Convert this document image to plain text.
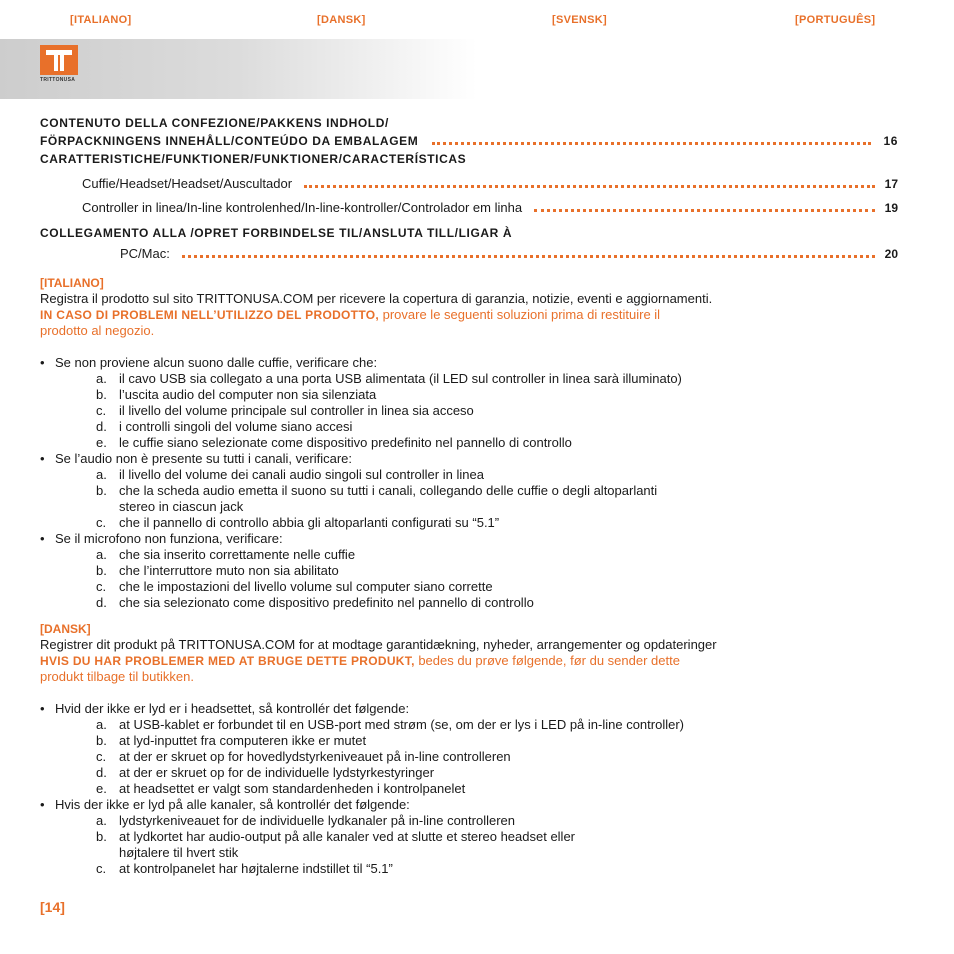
[ITALIANO]	[DANSK]	[SVENSK]	[PORTUGUÊS]
TRITTONUSA
CONTENUTO DELLA CONFEZIONE/PAKKENS INDHOLD/
FÖRPACKNINGENS INNEHÅLL/CONTEÚDO DA EMBALAGEM	16
CARATTERISTICHE/FUNKTIONER/FUNKTIONER/CARACTERÍSTICAS
Cuffie/Headset/Headset/Auscultador	17
Controller in linea/In-line kontrolenhed/In-line-kontroller/Controlador em linha	19
COLLEGAMENTO ALLA /OPRET FORBINDELSE TIL/ANSLUTA TILL/LIGAR À
PC/Mac:	20
[ITALIANO]
Registra il prodotto sul sito TRITTONUSA.COM per ricevere la copertura di garanzia, notizie, eventi e aggiornamenti.
IN CASO DI PROBLEMI NELL’UTILIZZO DEL PRODOTTO, provare le seguenti soluzioni prima di restituire il
prodotto al negozio.
• Se non proviene alcun suono dalle cuffie, verificare che:
a. il cavo USB sia collegato a una porta USB alimentata (il LED sul controller in linea sarà illuminato)
b. l’uscita audio del computer non sia silenziata
c. il livello del volume principale sul controller in linea sia acceso
d. i controlli singoli del volume siano accesi
e. le cuffie siano selezionate come dispositivo predefinito nel pannello di controllo
• Se l’audio non è presente su tutti i canali, verificare:
a. il livello del volume dei canali audio singoli sul controller in linea
b. che la scheda audio emetta il suono su tutti i canali, collegando delle cuffie o degli altoparlanti
stereo in ciascun jack
c. che il pannello di controllo abbia gli altoparlanti configurati su “5.1”
• Se il microfono non funziona, verificare:
a. che sia inserito correttamente nelle cuffie
b. che l’interruttore muto non sia abilitato
c. che le impostazioni del livello volume sul computer siano corrette
d. che sia selezionato come dispositivo predefinito nel pannello di controllo
[DANSK]
Registrer dit produkt på TRITTONUSA.COM for at modtage garantidækning, nyheder, arrangementer og opdateringer
HVIS DU HAR PROBLEMER MED AT BRUGE DETTE PRODUKT, bedes du prøve følgende, før du sender dette
produkt tilbage til butikken.
• Hvid der ikke er lyd er i headsettet, så kontrollér det følgende:
a. at USB-kablet er forbundet til en USB-port med strøm (se, om der er lys i LED på in-line controller)
b. at lyd-inputtet fra computeren ikke er mutet
c. at der er skruet op for hovedlydstyrkeniveauet på in-line controlleren
d. at der er skruet op for de individuelle lydstyrkestyringer
e. at headsettet er valgt som standardenheden i kontrolpanelet
• Hvis der ikke er lyd på alle kanaler, så kontrollér det følgende:
a. lydstyrkeniveauet for de individuelle lydkanaler på in-line controlleren
b. at lydkortet har audio-output på alle kanaler ved at slutte et stereo headset eller
højtalere til hvert stik
c. at kontrolpanelet har højtalerne indstillet til “5.1”
[14]
